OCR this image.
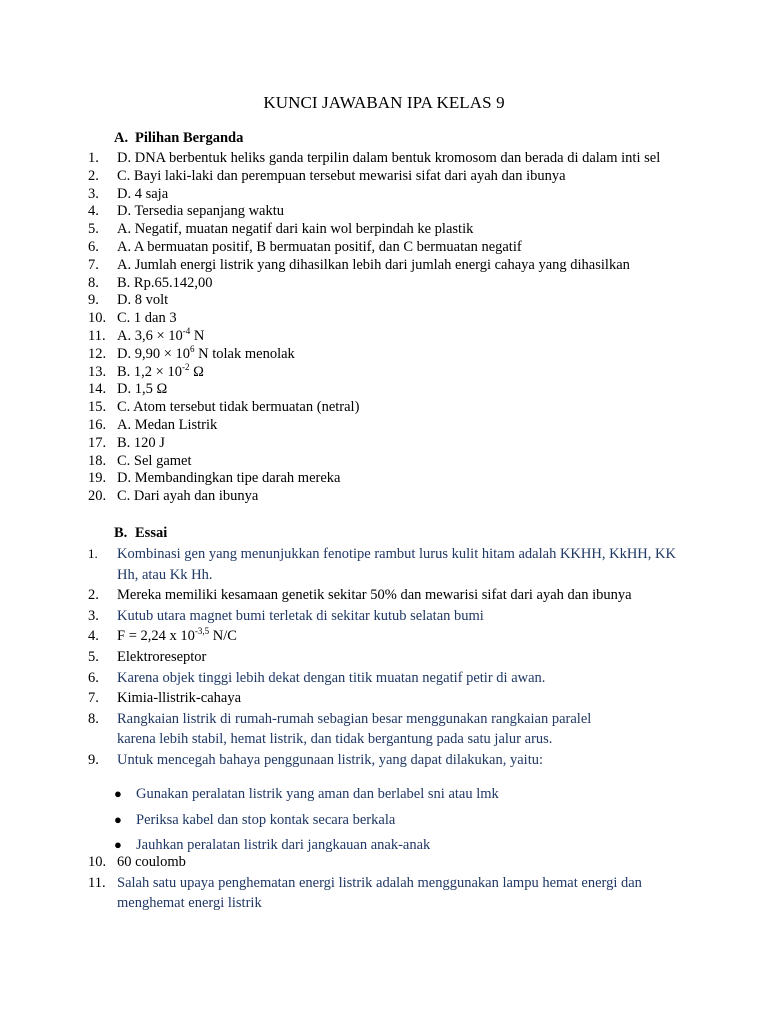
KUNCI JAWABAN IPA KELAS 9
A. Pilihan Berganda
1. D. DNA berbentuk heliks ganda terpilin dalam bentuk kromosom dan berada di dalam inti sel
2. C. Bayi laki-laki dan perempuan tersebut mewarisi sifat dari ayah dan ibunya
3. D. 4 saja
4. D. Tersedia sepanjang waktu
5. A. Negatif, muatan negatif dari kain wol berpindah ke plastik
6. A. A bermuatan positif, B bermuatan positif, dan C bermuatan negatif
7. A. Jumlah energi listrik yang dihasilkan lebih dari jumlah energi cahaya yang dihasilkan
8. B. Rp.65.142,00
9. D. 8 volt
10. C. 1 dan 3
11. A. $3,6 \times 10^{-4}$ N
12. D. $9,90 \times 10^6$ N tolak menolak
13. B. $1,2 \times 10^{-2}$ Ω
14. D. 1,5 Ω
15. C. Atom tersebut tidak bermuatan (netral)
16. A. Medan Listrik
17. B. 120 J
18. C. Sel gamet
19. D. Membandingkan tipe darah mereka
20. C. Dari ayah dan ibunya
B. Essai
1. Kombinasi gen yang menunjukkan fenotipe rambut lurus kulit hitam adalah KKHH, KkHH, KK Hh, atau Kk Hh.
2. Mereka memiliki kesamaan genetik sekitar 50% dan mewarisi sifat dari ayah dan ibunya
3. Kutub utara magnet bumi terletak di sekitar kutub selatan bumi
4. F = 2,24 x $10^{-3,5}$ N/C
5. Elektroreseptor
6. Karena objek tinggi lebih dekat dengan titik muatan negatif petir di awan.
7. Kimia-llistrik-cahaya
8. Rangkaian listrik di rumah-rumah sebagian besar menggunakan rangkaian paralel
karena lebih stabil, hemat listrik, dan tidak bergantung pada satu jalur arus.
9. Untuk mencegah bahaya penggunaan listrik, yang dapat dilakukan, yaitu:
● Gunakan peralatan listrik yang aman dan berlabel sni atau lmk
● Periksa kabel dan stop kontak secara berkala
● Jauhkan peralatan listrik dari jangkauan anak-anak
10. 60 coulomb
11. Salah satu upaya penghematan energi listrik adalah menggunakan lampu hemat energi dan menghemat energi listrik
